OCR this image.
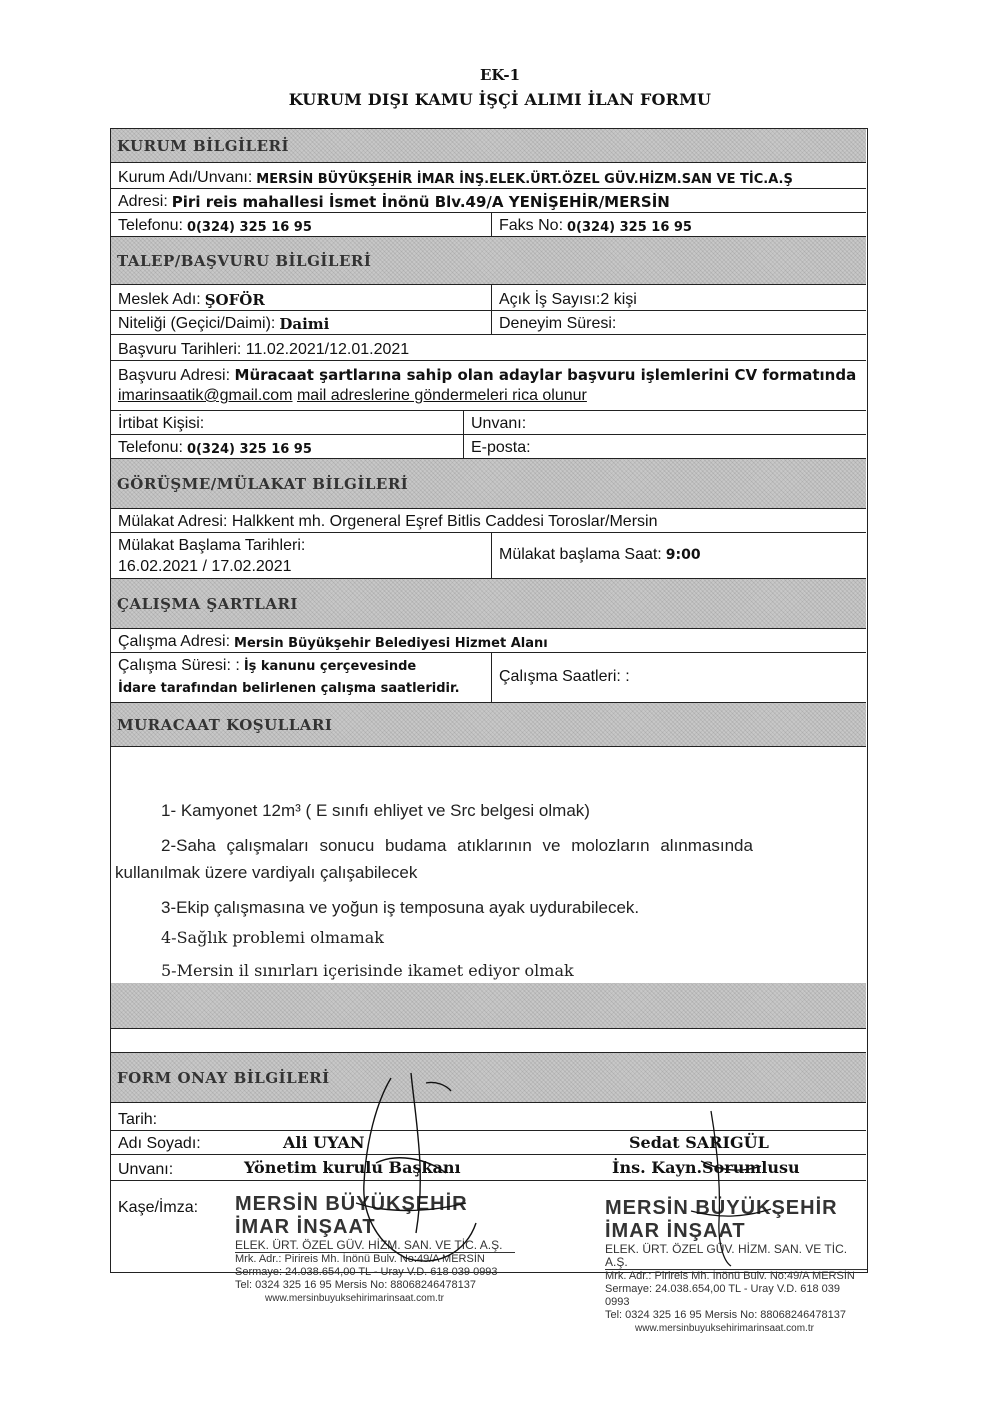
EK-1
KURUM DIŞI KAMU İŞÇİ ALIMI İLAN FORMU
KURUM BİLGİLERİ
Kurum Adı/Unvanı: MERSİN BÜYÜKŞEHİR İMAR İNŞ.ELEK.ÜRT.ÖZEL GÜV.HİZM.SAN VE TİC.A.Ş
Adresi: Piri reis mahallesi İsmet İnönü Blv.49/A YENİŞEHİR/MERSİN
Telefonu: 0(324) 325 16 95	Faks No: 0(324) 325 16 95
TALEP/BAŞVURU BİLGİLERİ
Meslek Adı: ŞOFÖR	Açık İş Sayısı:2 kişi
Niteliği (Geçici/Daimi): Daimi	Deneyim Süresi:
Başvuru Tarihleri: 11.02.2021/12.01.2021
Başvuru Adresi: Müracaat şartlarına sahip olan adaylar başvuru işlemlerini CV formatında imarinsaatik@gmail.com mail adreslerine göndermeleri rica olunur
İrtibat Kişisi:	Unvanı:
Telefonu: 0(324) 325 16 95	E-posta:
GÖRÜŞME/MÜLAKAT BİLGİLERİ
Mülakat Adresi: Halkkent mh. Orgeneral Eşref Bitlis Caddesi Toroslar/Mersin
Mülakat Başlama Tarihleri:
16.02.2021 / 17.02.2021
Mülakat başlama Saat: 9:00
ÇALIŞMA ŞARTLARI
Çalışma Adresi: Mersin Büyükşehir Belediyesi Hizmet Alanı
Çalışma Süresi: : İş kanunu çerçevesinde
İdare tarafından belirlenen çalışma saatleridir.
Çalışma Saatleri: :
MURACAAT KOŞULLARI
1- Kamyonet 12m³ ( E sınıfı ehliyet ve Src belgesi olmak)
2-Saha çalışmaları sonucu budama atıklarının ve molozların alınmasında
kullanılmak üzere vardiyalı çalışabilecek
3-Ekip çalışmasına ve yoğun iş temposuna ayak uydurabilecek.
4-Sağlık problemi olmamak
5-Mersin il sınırları içerisinde ikamet ediyor olmak
FORM ONAY BİLGİLERİ
Tarih:
Adı Soyadı:	Ali UYAN	Sedat SARIGÜL
Unvanı:	Yönetim kurulu Başkanı	İns. Kayn.Sorumlusu
Kaşe/İmza: MERSİN BÜYÜKŞEHİR İMAR İNŞAAT
ELEK. ÜRT. ÖZEL GÜV. HİZM. SAN. VE TİC. A.Ş.
Mrk. Adr.: Pirireis Mh. İnönü Bulv. No:49/A MERSİN
Sermaye: 24.038.654,00 TL - Uray V.D. 618 039 0993
Tel: 0324 325 16 95 Mersis No: 88068246478137
www.mersinbuyuksehirimarinsaat.com.tr
MERSİN BÜYÜKŞEHİR İMAR İNŞAAT
ELEK. ÜRT. ÖZEL GÜV. HİZM. SAN. VE TİC. A.Ş.
Mrk. Adr.: Pirireis Mh. İnönü Bulv. No:49/A MERSİN
Sermaye: 24.038.654,00 TL - Uray V.D. 618 039 0993
Tel: 0324 325 16 95 Mersis No: 88068246478137
www.mersinbuyuksehirimarinsaat.com.tr
